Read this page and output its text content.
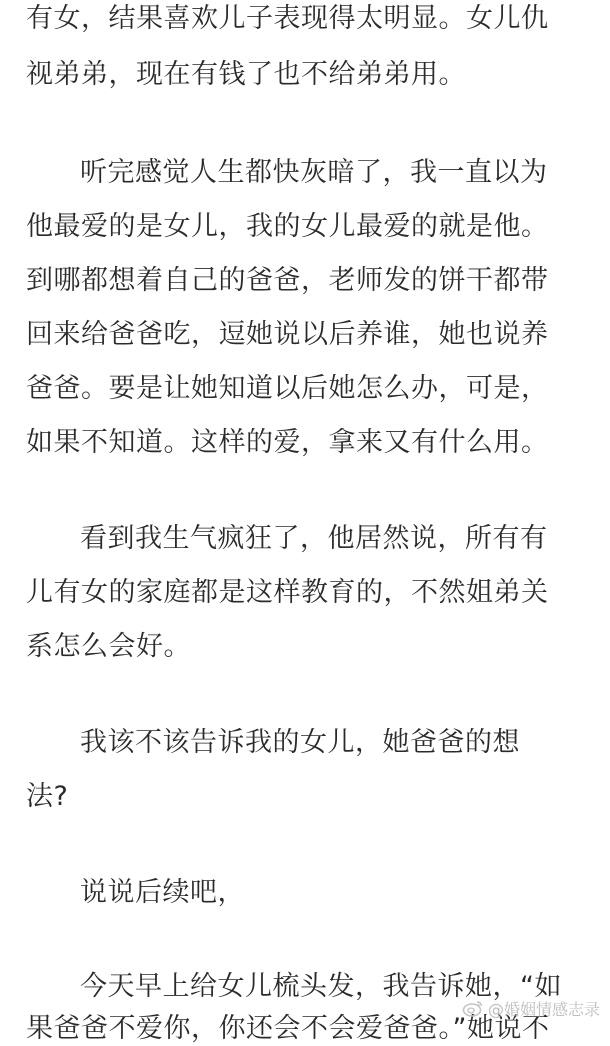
有女，结果喜欢儿子表现得太明显。女儿仇
视弟弟，现在有钱了也不给弟弟用。
听完感觉人生都快灰暗了，我一直以为
他最爱的是女儿，我的女儿最爱的就是他。
到哪都想着自己的爸爸，老师发的饼干都带
回来给爸爸吃，逗她说以后养谁，她也说养
爸爸。要是让她知道以后她怎么办，可是，
如果不知道。这样的爱，拿来又有什么用。
看到我生气疯狂了，他居然说，所有有
儿有女的家庭都是这样教育的，不然姐弟关
系怎么会好。
我该不该告诉我的女儿，她爸爸的想
法?
说说后续吧，
今天早上给女儿梳头发，我告诉她，“如
果爸爸不爱你，你还会不会爱爸爸。”她说不
@婚姻情感志录
